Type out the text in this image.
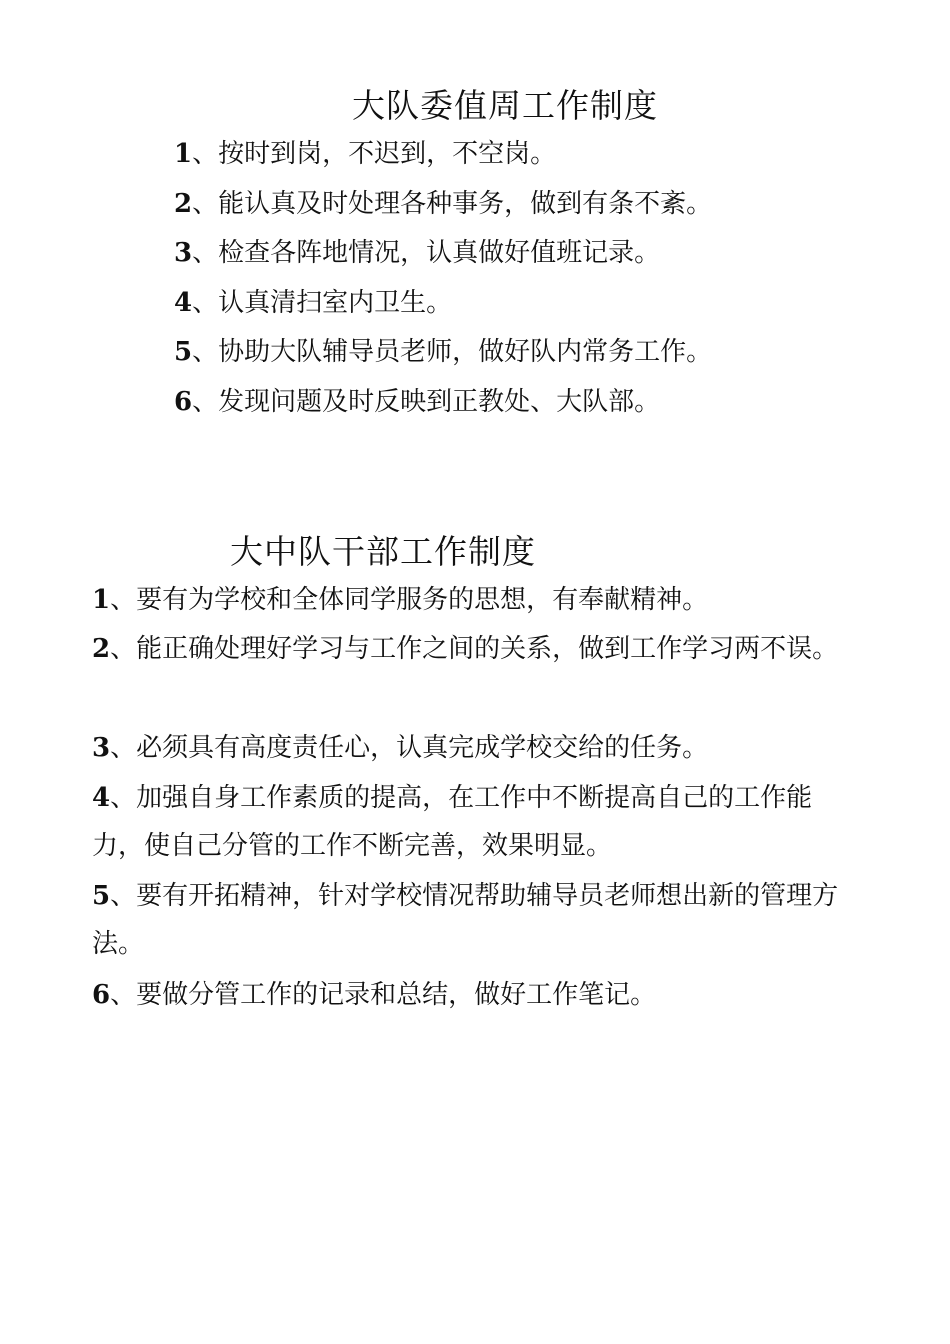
大队委值周工作制度

1、按时到岗，不迟到，不空岗。

2、能认真及时处理各种事务，做到有条不紊。

3、检查各阵地情况，认真做好值班记录。

4、认真清扫室内卫生。

5、协助大队辅导员老师，做好队内常务工作。

6、发现问题及时反映到正教处、大队部。

大中队干部工作制度

1、要有为学校和全体同学服务的思想，有奉献精神。

2、能正确处理好学习与工作之间的关系，做到工作学习两不误。

3、必须具有高度责任心，认真完成学校交给的任务。

4、加强自身工作素质的提高，在工作中不断提高自己的工作能力，使自己分管的工作不断完善，效果明显。

5、要有开拓精神，针对学校情况帮助辅导员老师想出新的管理方法。

6、要做分管工作的记录和总结，做好工作笔记。
